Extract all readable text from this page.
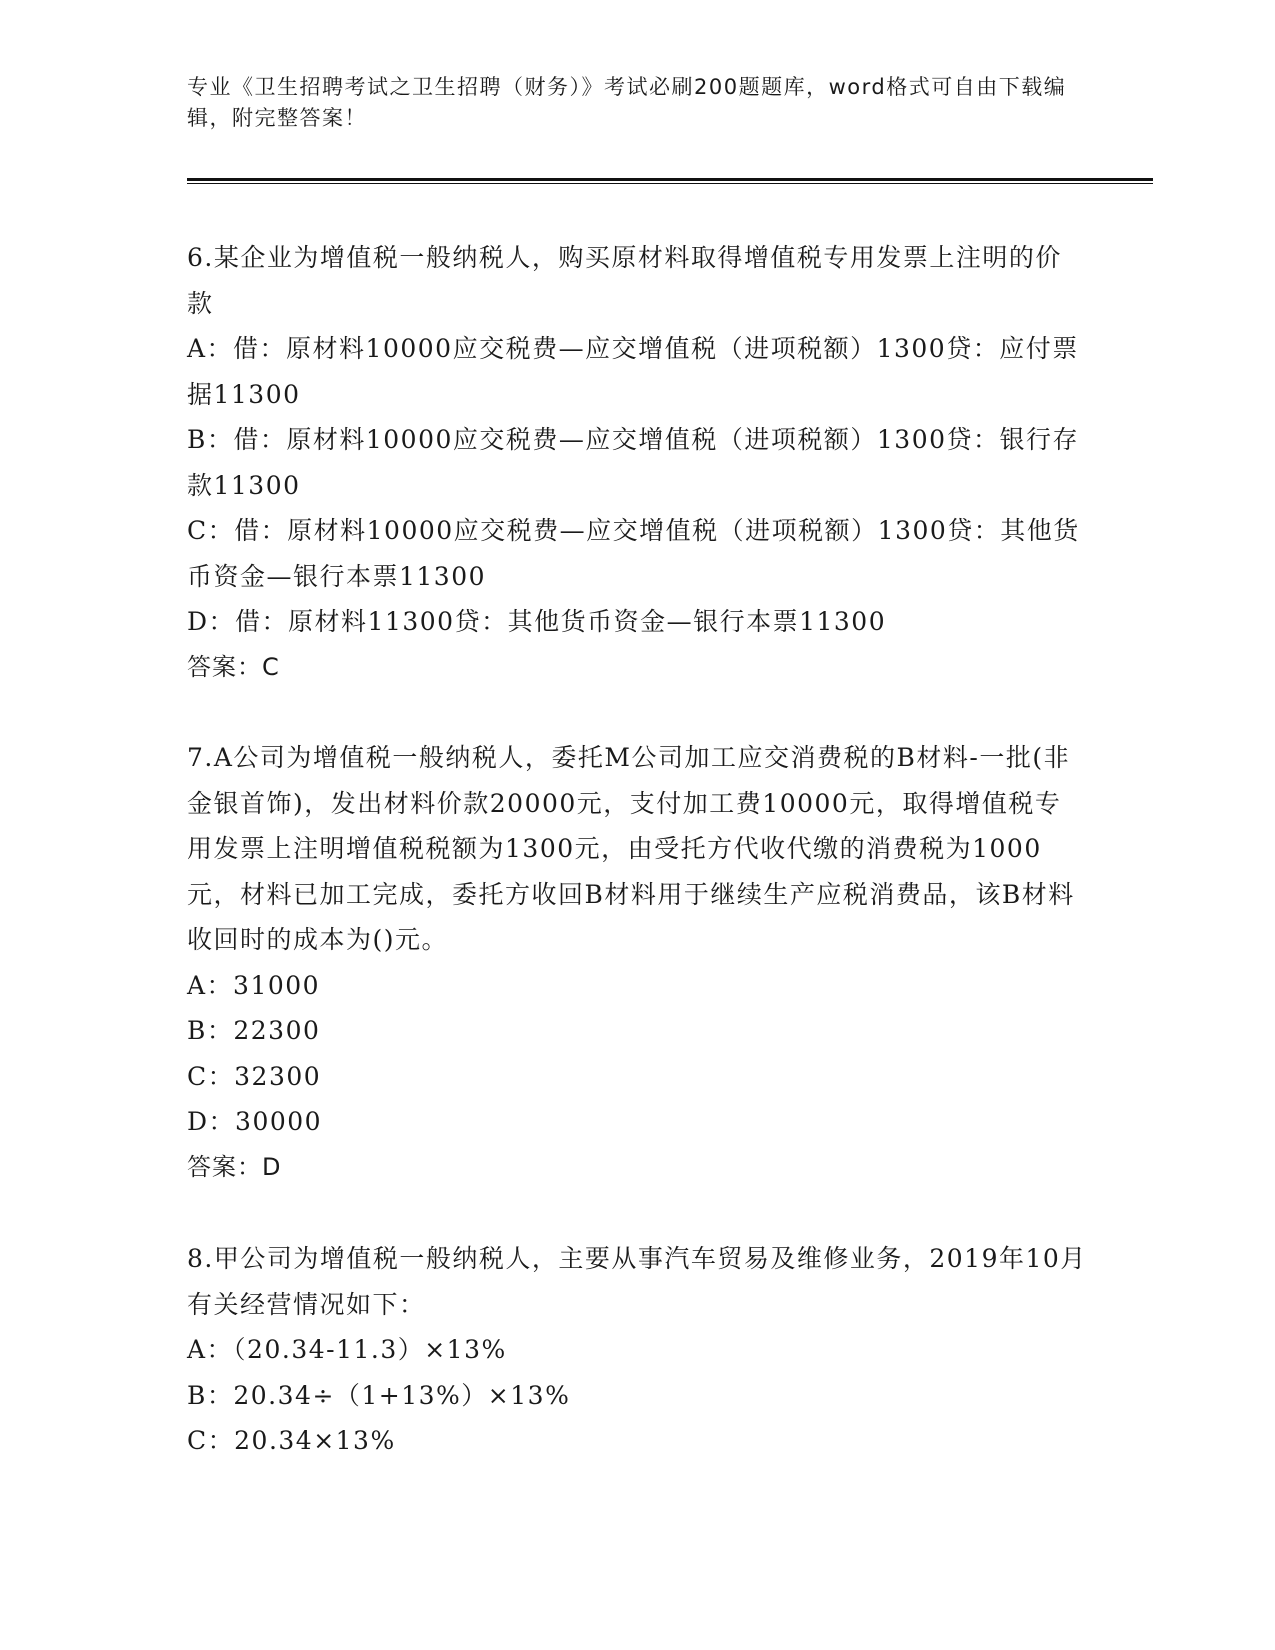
专业《卫生招聘考试之卫生招聘（财务）》考试必刷200题题库，word格式可自由下载编辑，附完整答案！

6.某企业为增值税一般纳税人，购买原材料取得增值税专用发票上注明的价款

A：借：原材料10000应交税费—应交增值税（进项税额）1300贷：应付票据11300

B：借：原材料10000应交税费—应交增值税（进项税额）1300贷：银行存款11300

C：借：原材料10000应交税费—应交增值税（进项税额）1300贷：其他货币资金—银行本票11300

D：借：原材料11300贷：其他货币资金—银行本票11300

答案：C

7.A公司为增值税一般纳税人，委托M公司加工应交消费税的B材料-一批(非金银首饰)，发出材料价款20000元，支付加工费10000元，取得增值税专用发票上注明增值税税额为1300元，由受托方代收代缴的消费税为1000元，材料已加工完成，委托方收回B材料用于继续生产应税消费品，该B材料收回时的成本为()元。

A：31000

B：22300

C：32300

D：30000

答案：D

8.甲公司为增值税一般纳税人，主要从事汽车贸易及维修业务，2019年10月有关经营情况如下：

A：（20.34-11.3）×13%

B：20.34÷（1+13%）×13%

C：20.34×13%
